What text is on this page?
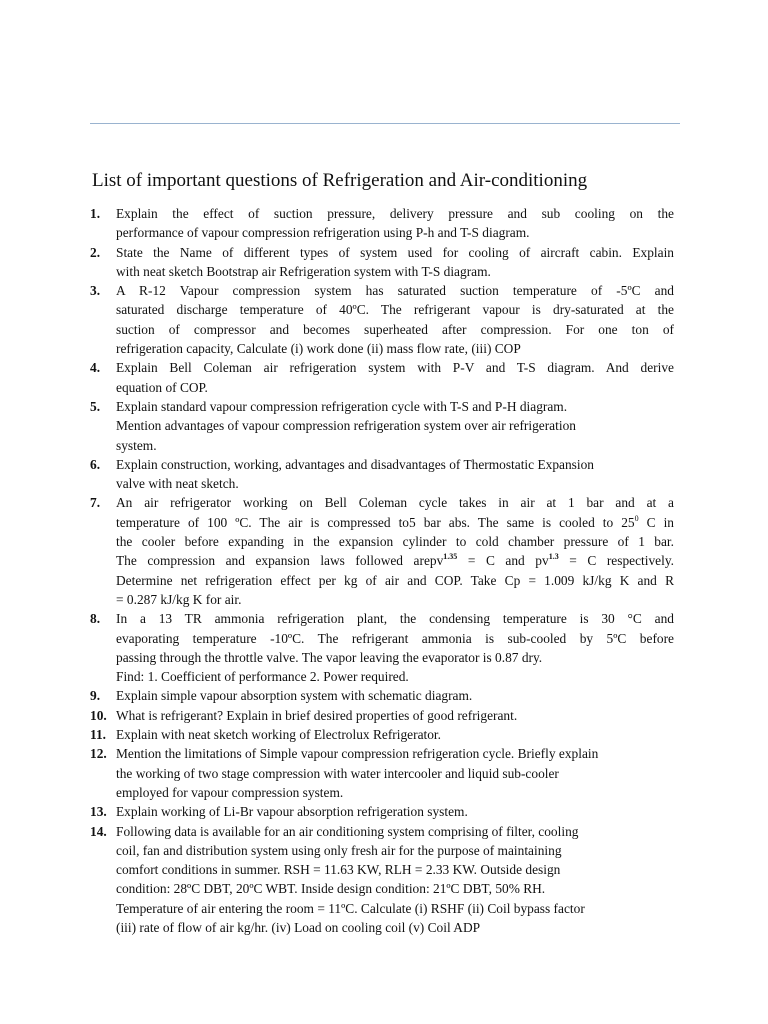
List of important questions of Refrigeration and Air-conditioning
1.	Explain the effect of suction pressure, delivery pressure and sub cooling on the
performance of vapour compression refrigeration using P-h and T-S diagram.
2.	State the Name of different types of system used for cooling of aircraft cabin. Explain
with neat sketch Bootstrap air Refrigeration system with T-S diagram.
3.	A R-12 Vapour compression system has saturated suction temperature of -5ºC and
saturated discharge temperature of 40ºC. The refrigerant vapour is dry-saturated at the
suction of compressor and becomes superheated after compression. For one ton of
refrigeration capacity, Calculate (i) work done (ii) mass flow rate, (iii) COP
4.	Explain Bell Coleman air refrigeration system with P-V and T-S diagram. And derive
equation of COP.
5.	Explain standard vapour compression refrigeration cycle with T-S and P-H diagram.
Mention advantages of vapour compression refrigeration system over air refrigeration
system.
6.	Explain construction, working, advantages and disadvantages of Thermostatic Expansion
valve with neat sketch.
7.	An air refrigerator working on Bell Coleman cycle takes in air at 1 bar and at a
temperature of 100 ºC. The air is compressed to5 bar abs. The same is cooled to $25^0$ C in
the cooler before expanding in the expansion cylinder to cold chamber pressure of 1 bar.
The compression and expansion laws followed arepv$^{1.35}$ = C and $pv^{1.3} = C$ respectively.
Determine net refrigeration effect per kg of air and COP. Take Cp = 1.009 kJ/kg K and R
= 0.287 kJ/kg K for air.
8.	In a 13 TR ammonia refrigeration plant, the condensing temperature is 30 °C and
evaporating temperature -10ºC. The refrigerant ammonia is sub-cooled by 5ºC before
passing through the throttle valve. The vapor leaving the evaporator is 0.87 dry.
Find: 1. Coefficient of performance 2. Power required.
9.	Explain simple vapour absorption system with schematic diagram.
10. What is refrigerant? Explain in brief desired properties of good refrigerant.
11. Explain with neat sketch working of Electrolux Refrigerator.
12. Mention the limitations of Simple vapour compression refrigeration cycle. Briefly explain
the working of two stage compression with water intercooler and liquid sub-cooler
employed for vapour compression system.
13. Explain working of Li-Br vapour absorption refrigeration system.
14. Following data is available for an air conditioning system comprising of filter, cooling
coil, fan and distribution system using only fresh air for the purpose of maintaining
comfort conditions in summer. RSH = 11.63 KW, RLH = 2.33 KW. Outside design
condition: 28ºC DBT, 20ºC WBT. Inside design condition: 21ºC DBT, 50% RH.
Temperature of air entering the room = 11ºC. Calculate (i) RSHF (ii) Coil bypass factor
(iii) rate of flow of air kg/hr. (iv) Load on cooling coil (v) Coil ADP
